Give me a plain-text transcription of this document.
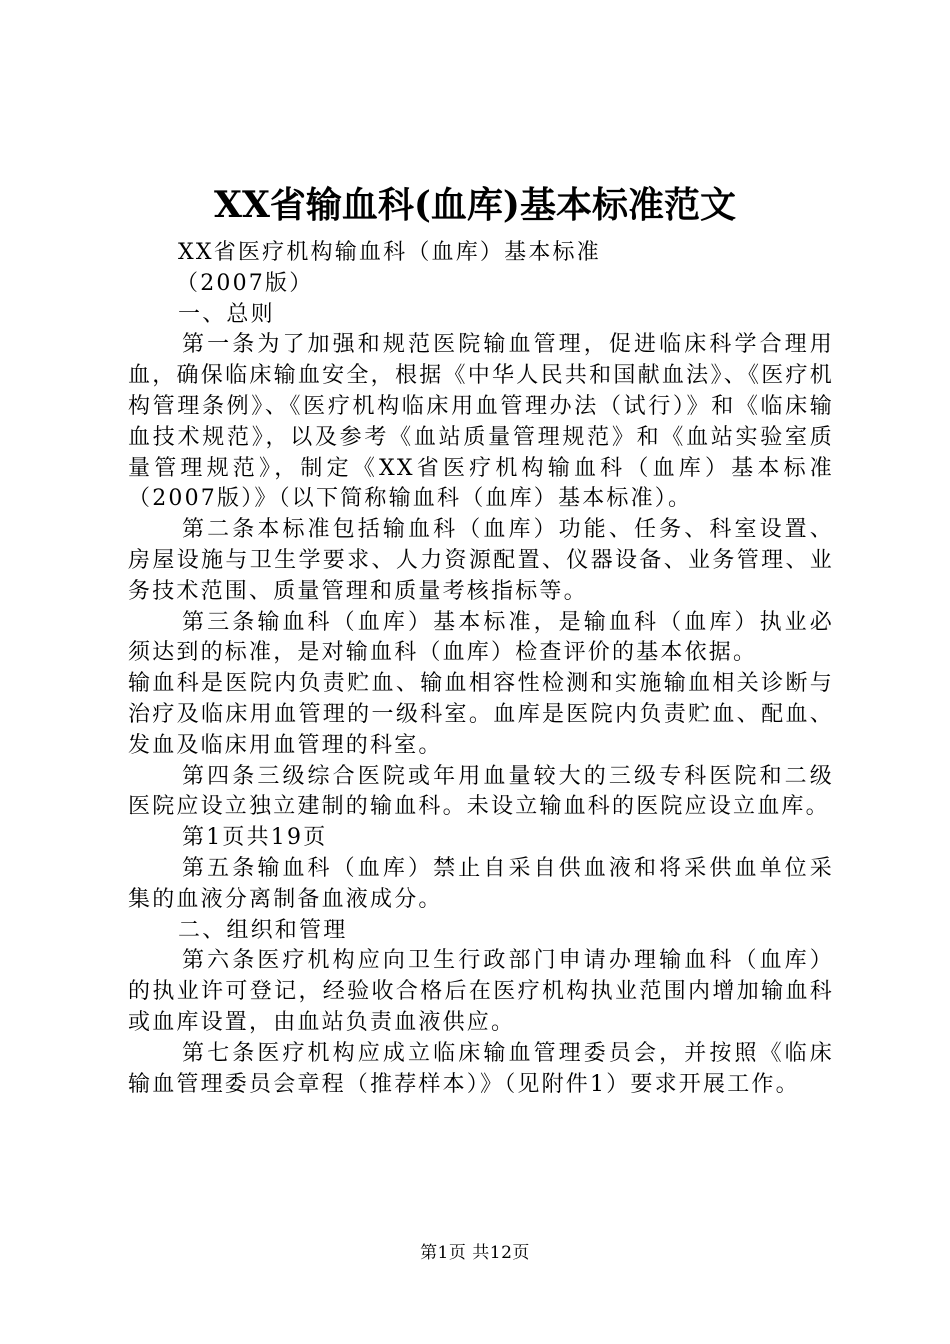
XX省输血科(血库)基本标准范文

XX省医疗机构输血科（血库）基本标准

（2007版）

一、总则

第一条为了加强和规范医院输血管理，促进临床科学合理用血，确保临床输血安全，根据《中华人民共和国献血法》、《医疗机构管理条例》、《医疗机构临床用血管理办法（试行）》和《临床输血技术规范》，以及参考《血站质量管理规范》和《血站实验室质量管理规范》，制定《XX省医疗机构输血科（血库）基本标准（2007版）》（以下简称输血科（血库）基本标准）。

第二条本标准包括输血科（血库）功能、任务、科室设置、房屋设施与卫生学要求、人力资源配置、仪器设备、业务管理、业务技术范围、质量管理和质量考核指标等。

第三条输血科（血库）基本标准，是输血科（血库）执业必须达到的标准，是对输血科（血库）检查评价的基本依据。

输血科是医院内负责贮血、输血相容性检测和实施输血相关诊断与治疗及临床用血管理的一级科室。血库是医院内负责贮血、配血、发血及临床用血管理的科室。

第四条三级综合医院或年用血量较大的三级专科医院和二级医院应设立独立建制的输血科。未设立输血科的医院应设立血库。

第1页共19页

第五条输血科（血库）禁止自采自供血液和将采供血单位采集的血液分离制备血液成分。

二、组织和管理

第六条医疗机构应向卫生行政部门申请办理输血科（血库）的执业许可登记，经验收合格后在医疗机构执业范围内增加输血科或血库设置，由血站负责血液供应。

第七条医疗机构应成立临床输血管理委员会，并按照《临床输血管理委员会章程（推荐样本）》（见附件1）要求开展工作。

第1页 共12页
